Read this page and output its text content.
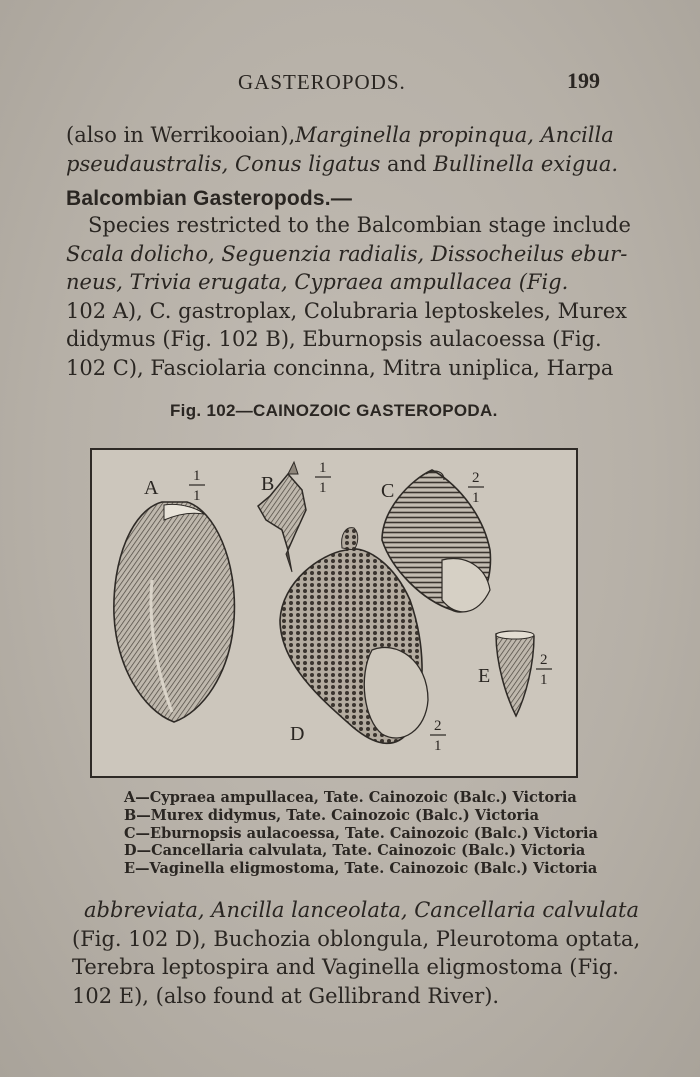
GASTEROPODS.	199
(also in Werrikooian), Marginella propinqua, Ancilla
pseudaustralis, Conus ligatus and Bullinella exigua.
Balcombian Gasteropods.—
Species restricted to the Balcombian stage include
Scala dolicho, Seguenzia radialis, Dissocheilus ebur-
neus, Trivia erugata, Cypraea ampullacea (Fig.
102 A), C. gastroplax, Colubraria leptoskeles, Murex
didymus (Fig. 102 B), Eburnopsis aulacoessa (Fig.
102 C), Fasciolaria concinna, Mitra uniplica, Harpa
Fig. 102—CAINOZOIC GASTEROPODA.
A
1
1
B
1
1	C
2
1
D	2
1
E
2
1
A—Cypraea ampullacea, Tate. Cainozoic (Balc.) Victoria
B—Murex didymus, Tate. Cainozoic (Balc.) Victoria
C—Eburnopsis aulacoessa, Tate. Cainozoic (Balc.) Victoria
D—Cancellaria calvulata, Tate. Cainozoic (Balc.) Victoria
E—Vaginella eligmostoma, Tate. Cainozoic (Balc.) Victoria
abbreviata, Ancilla lanceolata, Cancellaria calvulata
(Fig. 102 D), Buchozia oblongula, Pleurotoma optata,
Terebra leptospira and Vaginella eligmostoma (Fig.
102 E), (also found at Gellibrand River).
